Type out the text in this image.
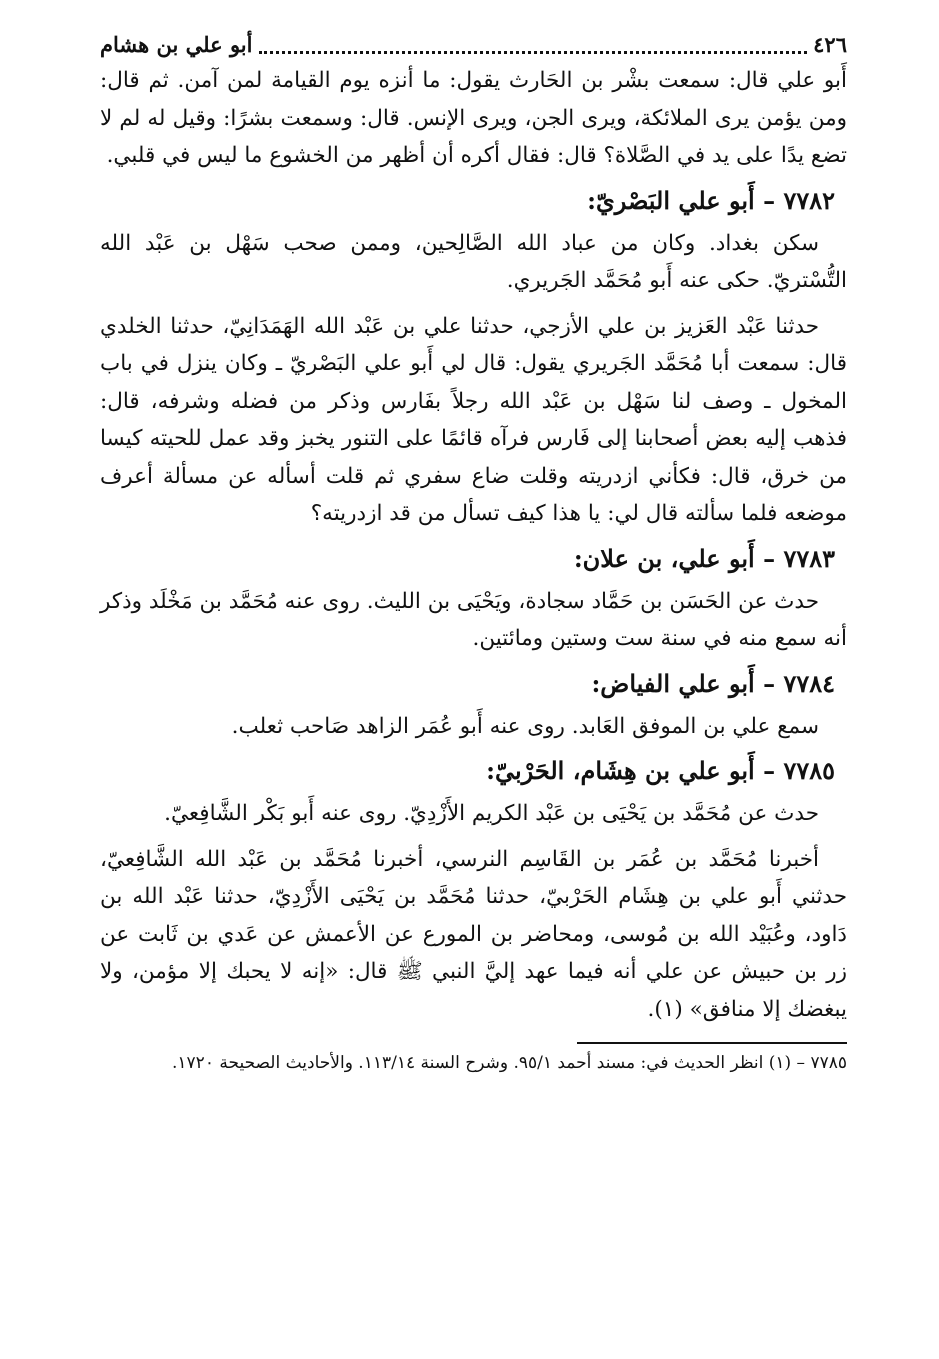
٤٢٦
أبو علي بن هشام

أَبو علي قال: سمعت بشْر بن الحَارث يقول: ما أنزه يوم القيامة لمن آمن. ثم قال: ومن يؤمن يرى الملائكة، ويرى الجن، ويرى الإنس. قال: وسمعت بشرًا: وقيل له لم لا تضع يدًا على يد في الصَّلاة؟ قال: فقال أكره أن أظهر من الخشوع ما ليس في قلبي.

٧٧٨٢ – أَبو علي البَصْريّ:

سكن بغداد. وكان من عباد الله الصَّالِحين، وممن صحب سَهْل بن عَبْد الله التُّسْتريّ. حكى عنه أَبو مُحَمَّد الجَريري.

حدثنا عَبْد العَزيز بن علي الأزجي، حدثنا علي بن عَبْد الله الهَمَدَانِيّ، حدثنا الخلدي قال: سمعت أبا مُحَمَّد الجَريري يقول: قال لي أَبو علي البَصْريّ ـ وكان ينزل في باب المخول ـ وصف لنا سَهْل بن عَبْد الله رجلاً بفَارس وذكر من فضله وشرفه، قال: فذهب إليه بعض أصحابنا إلى فَارس فرآه قائمًا على التنور يخبز وقد عمل للحيته كيسا من خرق، قال: فكأني ازدريته وقلت ضاع سفري ثم قلت أسأله عن مسألة أعرف موضعه فلما سألته قال لي: يا هذا كيف تسأل من قد ازدريته؟

٧٧٨٣ – أَبو علي، بن علان:

حدث عن الحَسَن بن حَمَّاد سجادة، ويَحْيَى بن الليث. روى عنه مُحَمَّد بن مَخْلَد وذكر أنه سمع منه في سنة ست وستين ومائتين.

٧٧٨٤ – أَبو علي الفياض:

سمع علي بن الموفق العَابد. روى عنه أَبو عُمَر الزاهد صَاحب ثعلب.

٧٧٨٥ – أَبو علي بن هِشَام، الحَرْبيّ:

حدث عن مُحَمَّد بن يَحْيَى بن عَبْد الكريم الأَزْدِيّ. روى عنه أَبو بَكْر الشَّافِعيّ.

أخبرنا مُحَمَّد بن عُمَر بن القَاسِم النرسي، أخبرنا مُحَمَّد بن عَبْد الله الشَّافِعيّ، حدثني أَبو علي بن هِشَام الحَرْبيّ، حدثنا مُحَمَّد بن يَحْيَى الأَزْدِيّ، حدثنا عَبْد الله بن دَاود، وعُبَيْد الله بن مُوسى، ومحاضر بن المورع عن الأعمش عن عَدي بن ثَابت عن زر بن حبيش عن علي أنه فيما عهد إليَّ النبي ﷺ قال: «إنه لا يحبك إلا مؤمن، ولا يبغضك إلا منافق» (١).

٧٧٨٥ – (١) انظر الحديث في: مسند أحمد ٩٥/١. وشرح السنة ١١٣/١٤. والأحاديث الصحيحة ١٧٢٠.
